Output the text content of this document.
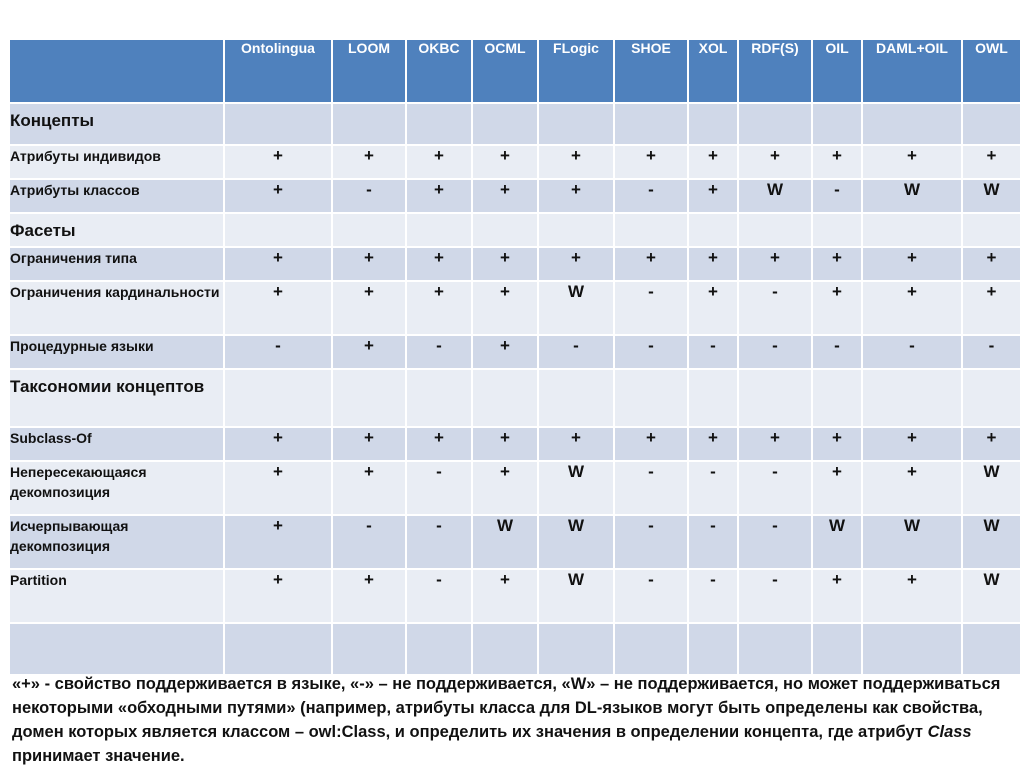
	Ontolingua	LOOM	OKBC	OCML	FLogic	SHOE	XOL	RDF(S)	OIL	DAML+OIL	OWL
Концепты											
Атрибуты индивидов	+	+	+	+	+	+	+	+	+	+	+
Атрибуты классов	+	-	+	+	+	-	+	W	-	W	W
Фасеты											
Ограничения типа	+	+	+	+	+	+	+	+	+	+	+
Ограничения кардинальности	+	+	+	+	W	-	+	-	+	+	+
Процедурные языки	-	+	-	+	-	-	-	-	-	-	-
Таксономии концептов											
Subclass-Of	+	+	+	+	+	+	+	+	+	+	+
Непересекающаяся декомпозиция	+	+	-	+	W	-	-	-	+	+	W
Исчерпывающая декомпозиция	+	-	-	W	W	-	-	-	W	W	W
Partition	+	+	-	+	W	-	-	-	+	+	W

«+» - свойство поддерживается в языке, «-» – не поддерживается, «W» – не поддерживается, но может поддерживаться некоторыми «обходными путями» (например, атрибуты класса для DL-языков могут быть определены как свойства, домен которых является классом – owl:Class, и определить их значения в определении концепта, где атрибут Class принимает значение.
